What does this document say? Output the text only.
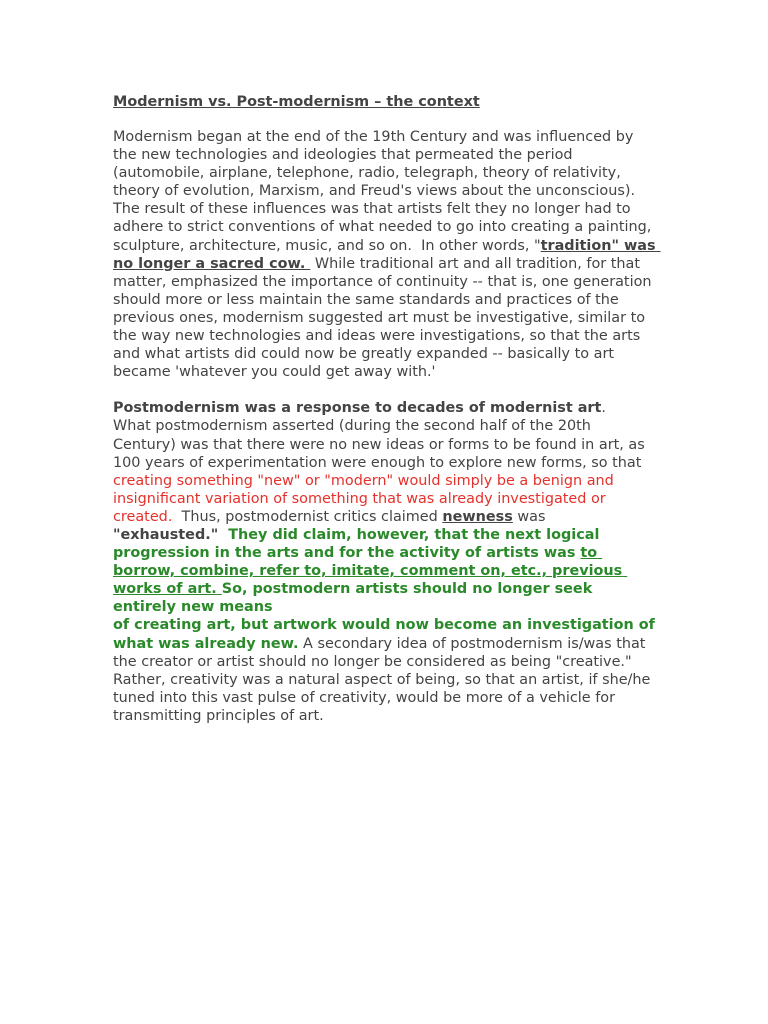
Modernism vs. Post-modernism – the context
Modernism began at the end of the 19th Century and was influenced by the new technologies and ideologies that permeated the period (automobile, airplane, telephone, radio, telegraph, theory of relativity, theory of evolution, Marxism, and Freud's views about the unconscious). The result of these influences was that artists felt they no longer had to adhere to strict conventions of what needed to go into creating a painting, sculpture, architecture, music, and so on.  In other words, "tradition" was no longer a sacred cow.  While traditional art and all tradition, for that matter, emphasized the importance of continuity -- that is, one generation should more or less maintain the same standards and practices of the previous ones, modernism suggested art must be investigative, similar to the way new technologies and ideas were investigations, so that the arts and what artists did could now be greatly expanded -- basically to art became 'whatever you could get away with.'
Postmodernism was a response to decades of modernist art.
What postmodernism asserted (during the second half of the 20th Century) was that there were no new ideas or forms to be found in art, as 100 years of experimentation were enough to explore new forms, so that creating something "new" or "modern" would simply be a benign and insignificant variation of something that was already investigated or created.  Thus, postmodernist critics claimed newness was
"exhausted."  They did claim, however, that the next logical progression in the arts and for the activity of artists was to borrow, combine, refer to, imitate, comment on, etc., previous works of art. So, postmodern artists should no longer seek entirely new means
of creating art, but artwork would now become an investigation of what was already new. A secondary idea of postmodernism is/was that the creator or artist should no longer be considered as being "creative."  Rather, creativity was a natural aspect of being, so that an artist, if she/he tuned into this vast pulse of creativity, would be more of a vehicle for transmitting principles of art.
